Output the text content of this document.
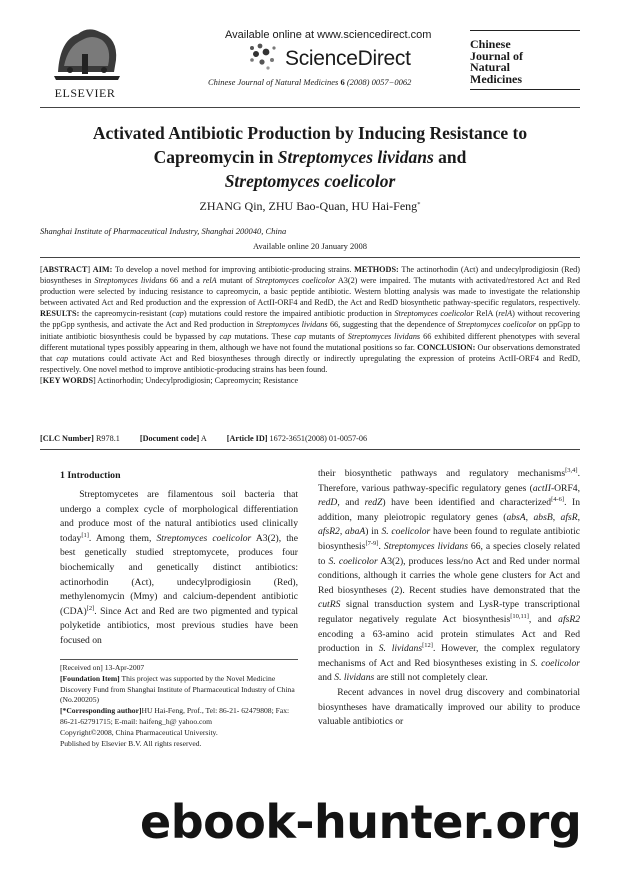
ELSEVIER
Available online at www.sciencedirect.com
ScienceDirect
Chinese Journal of Natural Medicines 6 (2008) 0057−0062
Chinese
Journal of
Natural
Medicines
Activated Antibiotic Production by Inducing Resistance to
Capreomycin in Streptomyces lividans and
Streptomyces coelicolor
ZHANG Qin, ZHU Bao-Quan, HU Hai-Feng*
Shanghai Institute of Pharmaceutical Industry, Shanghai 200040, China
Available online 20 January 2008

[ABSTRACT] AIM: To develop a novel method for improving antibiotic-producing strains. METHODS: The actinorhodin (Act) and undecylprodigiosin (Red) biosyntheses in Streptomyces lividans 66 and a relA mutant of Streptomyces coelicolor A3(2) were impaired. The mutants with activated/restored Act and Red production were selected by inducing resistance to capreomycin, a basic peptide antibiotic. Western blotting analysis was made to investigate the relationship between activated Act and Red production and the expression of ActII-ORF4 and RedD, the Act and RedD biosynthetic pathway-specific regulators, respectively. RESULTS: the capreomycin-resistant (cap) mutations could restore the impaired antibiotic production in Streptomyces coelicolor RelA (relA) without recovering the ppGpp synthesis, and activate the Act and Red production in Streptomyces lividans 66, suggesting that the dependence of Streptomyces coelicolor on ppGpp to initiate antibiotic biosynthesis could be bypassed by cap mutations. These cap mutants of Streptomyces lividans 66 exhibited different phenotypes with several different mutational types possibly appearing in them, although we have not found the mutational positions so far. CONCLUSION: Our observations demonstrated that cap mutations could activate Act and Red biosyntheses through directly or indirectly upregulating the expression of proteins ActII-ORF4 and RedD, respectively. One novel method to improve antibiotic-producing strains has been found.

[KEY WORDS] Actinorhodin; Undecylprodigiosin; Capreomycin; Resistance

[CLC Number] R978.1 [Document code] A [Article ID] 1672-3651(2008) 01-0057-06
1 Introduction

Streptomycetes are filamentous soil bacteria that undergo a complex cycle of morphological differentiation and produce most of the natural antibiotics used clinically today[1]. Among them, Streptomyces coelicolor A3(2), the best genetically studied streptomycete, produces four biochemically and genetically distinct antibiotics: actinorhodin (Act), undecylprodigiosin (Red), methylenomycin (Mmy) and calcium-dependent antibiotic (CDA)[2]. Since Act and Red are two pigmented and typical polyketide antibiotics, most previous studies have been focused on

[Received on] 13-Apr-2007

[Foundation Item] This project was supported by the Novel Medicine Discovery Fund from Shanghai Institute of Pharmaceutical Industry of China (No.200205)

[*Corresponding author]HU Hai-Feng, Prof., Tel: 86-21- 62479808; Fax: 86-21-62791715; E-mail: haifeng_h@ yahoo.com

Copyright©2008, China Pharmaceutical University.

Published by Elsevier B.V. All rights reserved.

their biosynthetic pathways and regulatory mechanisms[3,4]. Therefore, various pathway-specific regulatory genes (actII-ORF4, redD, and redZ) have been identified and characterized[4-6]. In addition, many pleiotropic regulatory genes (absA, absB, afsR, afsR2, abaA) in S. coelicolor have been found to regulate antibiotic biosynthesis[7-9]. Streptomyces lividans 66, a species closely related to S. coelicolor A3(2), produces less/no Act and Red under normal conditions, although it carries the whole gene clusters for Act and Red biosyntheses (2). Recent studies have demonstrated that the cutRS signal transduction system and LysR-type transcriptional regulator negatively regulate Act biosynthesis[10,11], and afsR2 encoding a 63-amino acid protein stimulates Act and Red production in S. lividans[12]. However, the complex regulatory mechanisms of Act and Red biosyntheses existing in S. coelicolor and S. lividans are still not completely clear.

Recent advances in novel drug discovery and combinatorial biosyntheses have dramatically improved our ability to produce valuable antibiotics or

ebook-hunter.org
